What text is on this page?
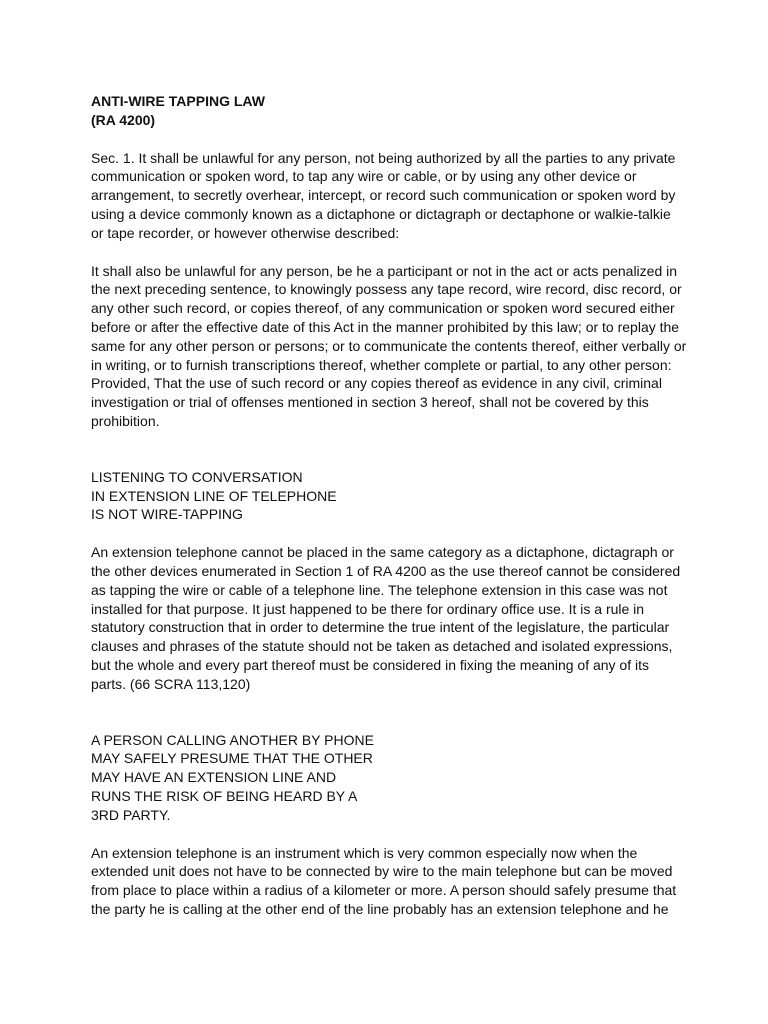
ANTI-WIRE TAPPING LAW
(RA 4200)

Sec. 1. It shall be unlawful for any person, not being authorized by all the parties to any private
communication or spoken word, to tap any wire or cable, or by using any other device or
arrangement, to secretly overhear, intercept, or record such communication or spoken word by
using a device commonly known as a dictaphone or dictagraph or dectaphone or walkie-talkie
or tape recorder, or however otherwise described:

It shall also be unlawful for any person, be he a participant or not in the act or acts penalized in
the next preceding sentence, to knowingly possess any tape record, wire record, disc record, or
any other such record, or copies thereof, of any communication or spoken word secured either
before or after the effective date of this Act in the manner prohibited by this law; or to replay the
same for any other person or persons; or to communicate the contents thereof, either verbally or
in writing, or to furnish transcriptions thereof, whether complete or partial, to any other person:
Provided, That the use of such record or any copies thereof as evidence in any civil, criminal
investigation or trial of offenses mentioned in section 3 hereof, shall not be covered by this
prohibition.

LISTENING TO CONVERSATION
IN EXTENSION LINE OF TELEPHONE
IS NOT WIRE-TAPPING

An extension telephone cannot be placed in the same category as a dictaphone, dictagraph or
the other devices enumerated in Section 1 of RA 4200 as the use thereof cannot be considered
as tapping the wire or cable of a telephone line. The telephone extension in this case was not
installed for that purpose. It just happened to be there for ordinary office use. It is a rule in
statutory construction that in order to determine the true intent of the legislature, the particular
clauses and phrases of the statute should not be taken as detached and isolated expressions,
but the whole and every part thereof must be considered in fixing the meaning of any of its
parts. (66 SCRA 113,120)

A PERSON CALLING ANOTHER BY PHONE
MAY SAFELY PRESUME THAT THE OTHER
MAY HAVE AN EXTENSION LINE AND
RUNS THE RISK OF BEING HEARD BY A
3RD PARTY.

An extension telephone is an instrument which is very common especially now when the
extended unit does not have to be connected by wire to the main telephone but can be moved
from place to place within a radius of a kilometer or more. A person should safely presume that
the party he is calling at the other end of the line probably has an extension telephone and he
